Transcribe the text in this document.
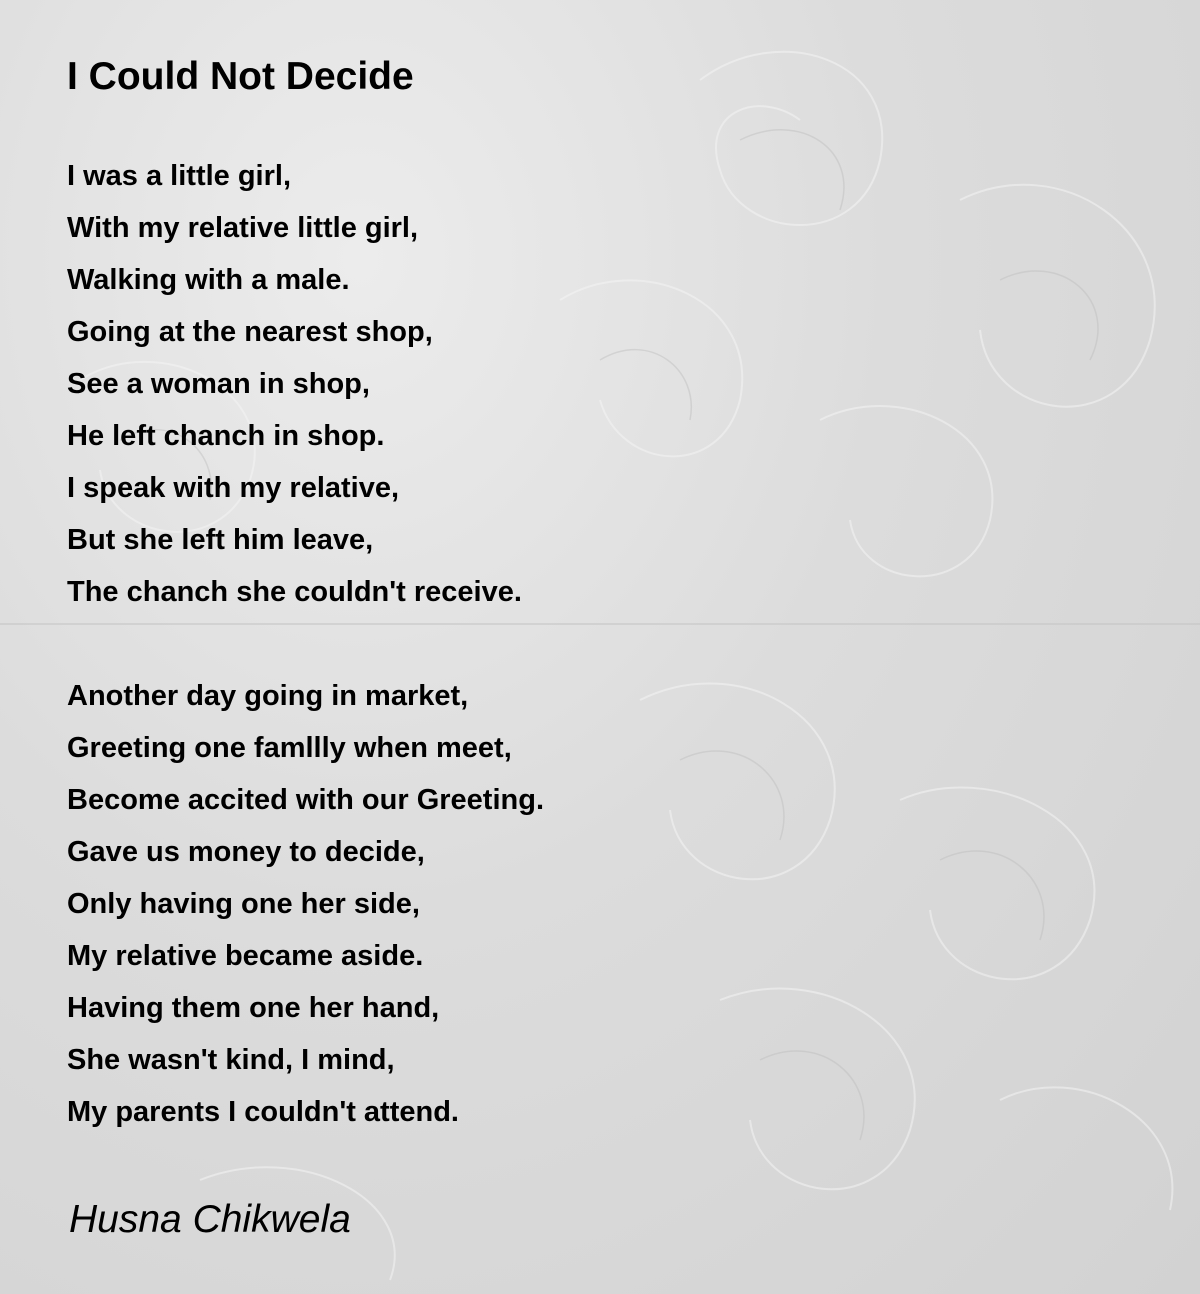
I Could Not Decide
I was a little girl,
With my relative little girl,
Walking with a male.
Going at the nearest shop,
See a woman in shop,
He left chanch in shop.
I speak with my relative,
But she left him leave,
The chanch she couldn't receive.
Another day going in market,
Greeting one famllly when meet,
Become accited with our Greeting.
Gave us money to decide,
Only having one her side,
My relative became aside.
Having them one her hand,
She wasn't kind, I mind,
My parents I couldn't attend.

Husna Chikwela
